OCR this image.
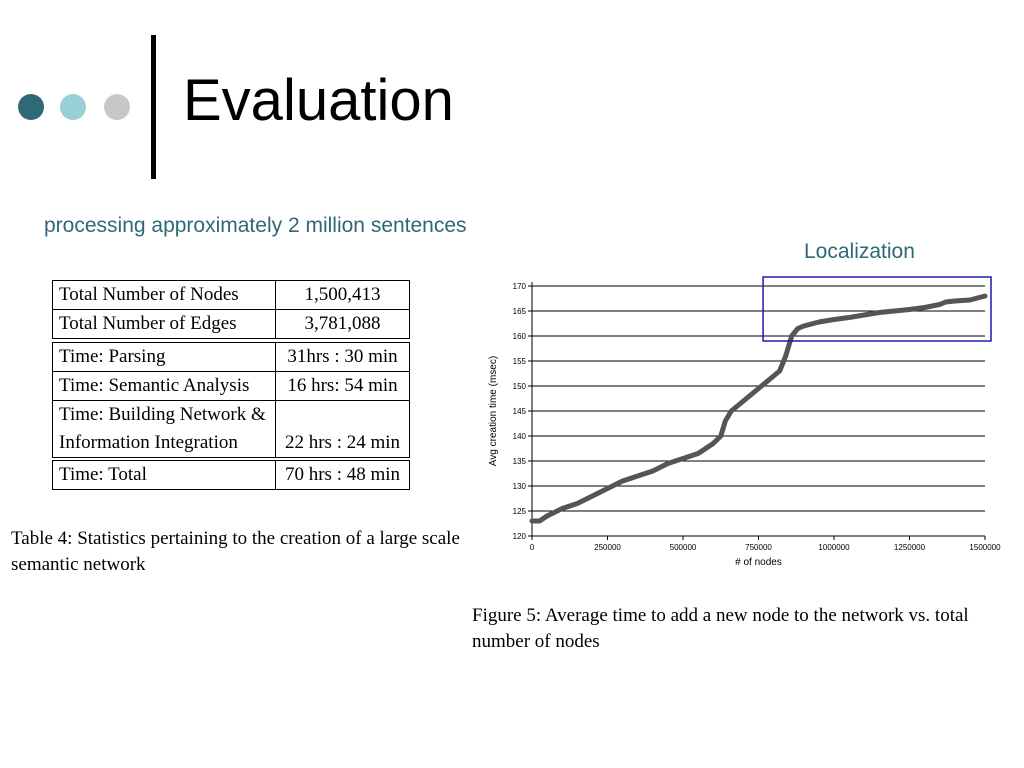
Evaluation
processing approximately 2 million sentences
Localization
Total Number of Nodes	1,500,413
Total Number of Edges	3,781,088
Time: Parsing	31hrs : 30 min
Time: Semantic Analysis	16 hrs: 54 min
Time: Building Network & Information Integration	22 hrs : 24 min
Time: Total	70 hrs : 48 min
Table 4: Statistics pertaining to the creation of a large scale semantic network
120
125
130
135
140
145
150
155
160
165
170
0	250000	500000	750000	1000000	1250000	1500000
# of nodes
Avg creation time (msec)
Figure 5: Average time to add a new node to the network vs. total number of nodes
